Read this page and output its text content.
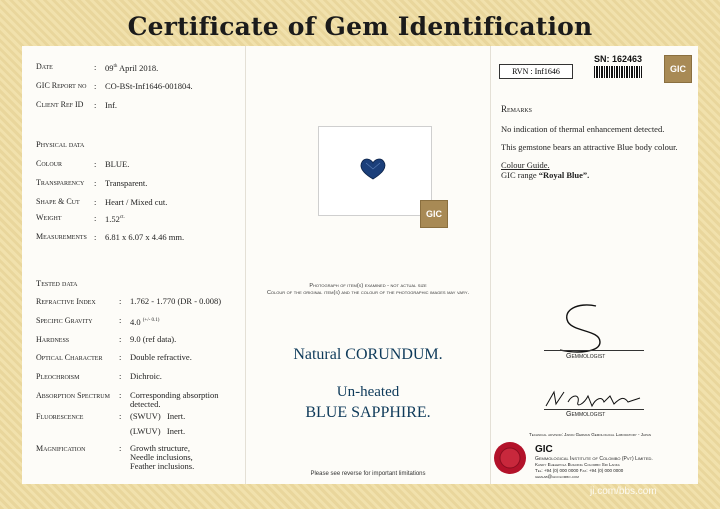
Certificate of Gem Identification
Date	: 09th April 2018.
GIC Report no : CO-BSt-Inf1646-001804.
Client Ref ID	: Inf.
Physical data
Colour	: BLUE.
Transparency	: Transparent.
Shape & Cut	: Heart / Mixed cut.
Weight	: $1.52^{ct.}$
Measurements : 6.81 x 6.07 x 4.46 mm.
Tested data
Refractive Index	: 1.762 - 1.770 (DR - 0.008)
Specific Gravity	: 4.0 $^{(+/- 0.1)}$
Hardness	: 9.0 (ref data).
Optical Character : Double refractive.
Pleochroism	: Dichroic.
Absorption Spectrum : Corresponding absorption
detected.
Fluorescence	: (SWUV) Inert.
(LWUV) Inert.
Magnification	: Growth structure,
Needle inclusions,
Feather inclusions.
GIC
Photograph of item(s) examined - not actual size
Colour of the original item(s) and the colour of the photographic images may vary.
Natural CORUNDUM.
Un-heated
BLUE SAPPHIRE.
Please see reverse for important limitations
RVN : Inf1646
SN: 162463
GIC
Remarks
No indication of thermal enhancement detected.
This gemstone bears an attractive Blue body colour.
Colour Guide.
GIC range “Royal Blue”.
Gemmologist
Gemmologist
Technical advisor: Japan German Gemological Laboratory - Japan
GIC
Gemmological Institute of Colombo (Pvt) Limited.
Kandy Ehelepola Building Colombo Sri Lanka
Tel: +94 (0) 000 0000 Fax: +94 (0) 000 0000
gemlab@gicolombo.com
ji.com/bbs.com
